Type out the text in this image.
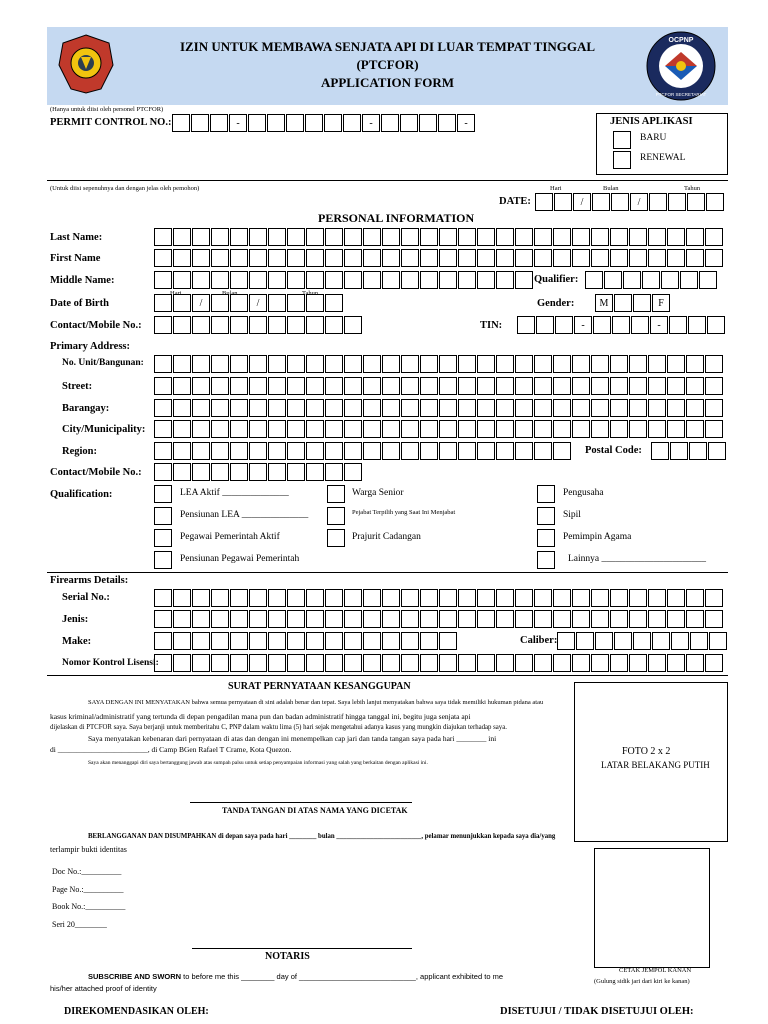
IZIN UNTUK MEMBAWA SENJATA API DI LUAR TEMPAT TINGGAL
(PTCFOR)
APPLICATION FORM
OCPNP
PTCFOR SECRETARIAT
(Hanya untuk diisi oleh personel PTCFOR)
PERMIT CONTROL NO.:	-	-	-	JENIS APLIKASI
BARU
RENEWAL
(Untuk diisi sepenuhnya dan dengan jelas oleh pemohon)	Hari	Bulan	Tahun
DATE:	/	/
PERSONAL INFORMATION
Last Name:
First Name
Middle Name:	Qualifier:
Hari	Bulan	Tahun
Date of Birth	/	/	Gender:	M	F
Contact/Mobile No.:	TIN:	-	-
Primary Address:
No. Unit/Bangunan:
Street:
Barangay:
City/Municipality:
Region:	Postal Code:
Contact/Mobile No.:
Qualification:	LEA Aktif ______________	Warga Senior	Pengusaha
Pensiunan LEA ______________	Pejabat Terpilih yang Saat Ini Menjabat	Sipil
Pegawai Pemerintah Aktif	Prajurit Cadangan	Pemimpin Agama
Pensiunan Pegawai Pemerintah	Lainnya ______________________
Firearms Details:
Serial No.:
Jenis:
Make:	Caliber:
Nomor Kontrol Lisensi:
SURAT PERNYATAAN KESANGGUPAN
SAYA DENGAN INI MENYATAKAN bahwa semua pernyataan di sini adalah benar dan tepat. Saya lebih lanjut menyatakan bahwa saya tidak memiliki hukuman pidana atau
kasus kriminal/administratif yang tertunda di depan pengadilan mana pun dan badan administratif hingga tanggal ini, begitu juga senjata api
dijelaskan di PTCFOR saya. Saya berjanji untuk memberitahu C, PNP dalam waktu lima (5) hari sejak mengetahui adanya kasus yang mungkin diajukan terhadap saya.
Saya menyatakan kebenaran dari pernyataan di atas dan dengan ini menempelkan cap jari dan tanda tangan saya pada hari ________ ini
di ________________________, di Camp BGen Rafael T Crame, Kota Quezon.
Saya akan menanggapi diri saya bertanggung jawab atas sumpah palsu untuk setiap penyampaian informasi yang salah yang berkaitan dengan aplikasi ini.
FOTO 2 x 2
LATAR BELAKANG PUTIH
TANDA TANGAN DI ATAS NAMA YANG DICETAK
BERLANGGANAN DAN DISUMPAHKAN di depan saya pada hari ________ bulan _________________________, pelamar menunjukkan kepada saya dia/yang
terlampir bukti identitas
Doc No.:__________
Page No.:__________
Book No.:__________
Seri 20________
CETAK JEMPOL KANAN
(Gulung sidik jari dari kiri ke kanan)
NOTARIS
SUBSCRIBE AND SWORN to before me this ________ day of ____________________________, applicant exhibited to me
his/her attached proof of identity
DIREKOMENDASIKAN OLEH:	DISETUJUI / TIDAK DISETUJUI OLEH:
